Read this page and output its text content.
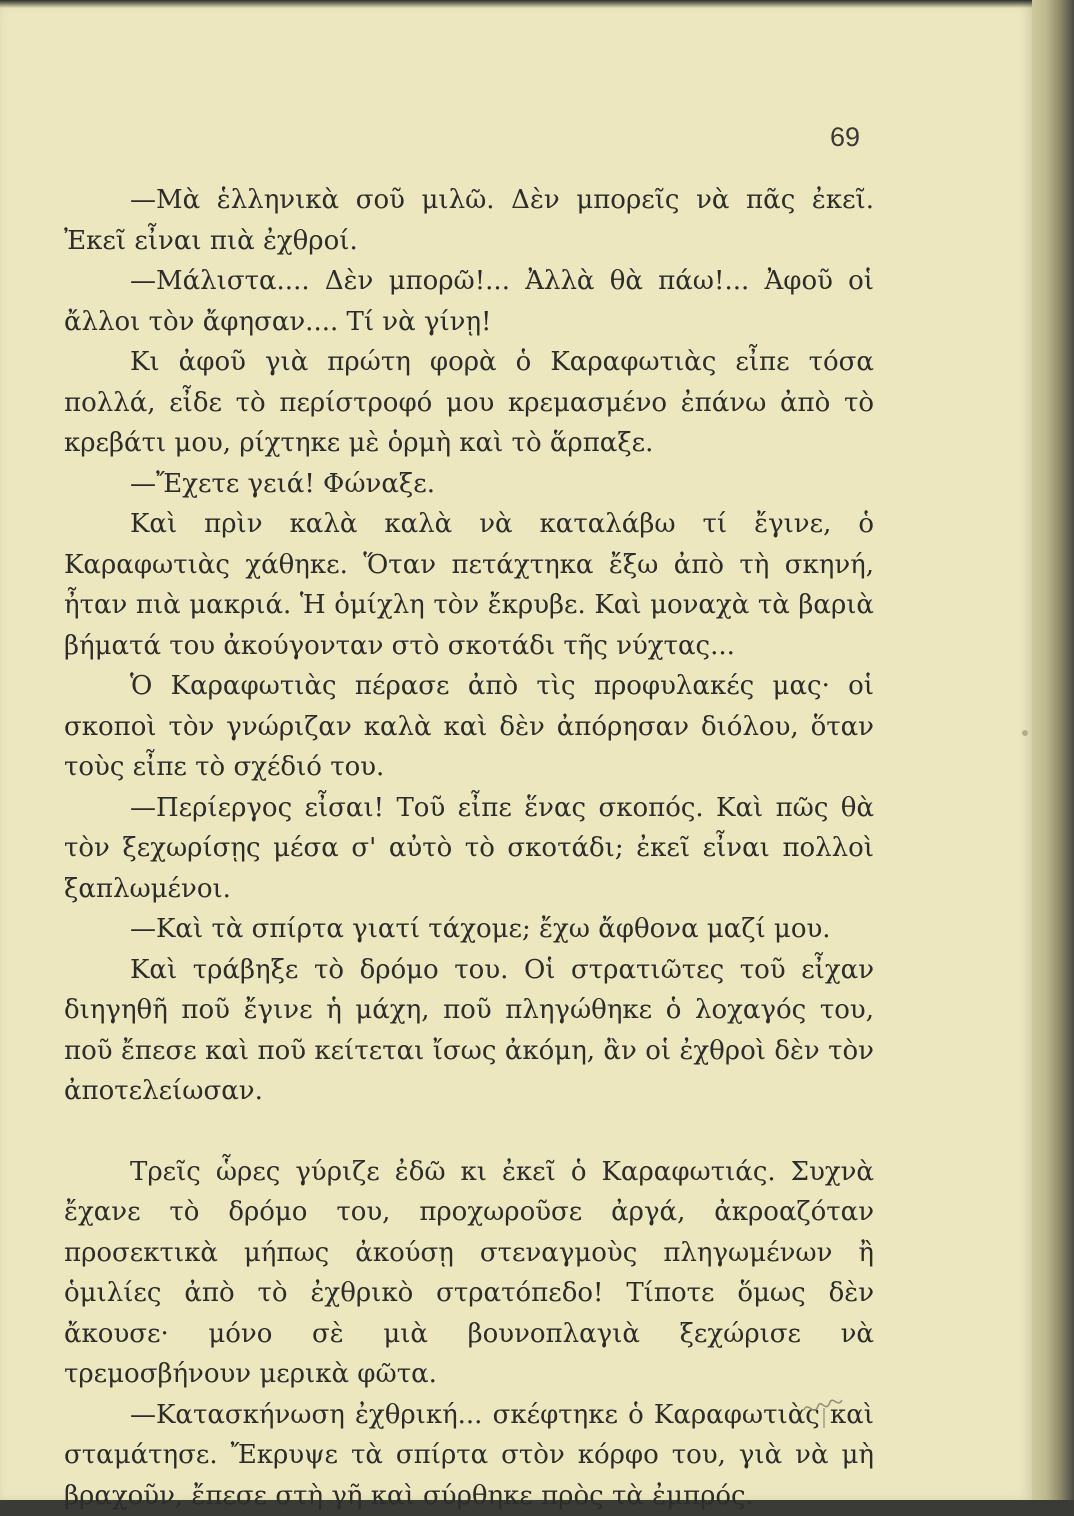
69

—Μὰ ἑλληνικὰ σοῦ μιλῶ. Δὲν μπορεῖς νὰ πᾶς ἐκεῖ. Ἐκεῖ εἶναι πιὰ ἐχθροί.

—Μάλιστα.... Δὲν μπορῶ!... Ἀλλὰ θὰ πάω!... Ἀφοῦ οἱ ἄλλοι τὸν ἄφησαν.... Τί νὰ γίνῃ!

Κι ἀφοῦ γιὰ πρώτη φορὰ ὁ Καραφωτιὰς εἶπε τόσα πολλά, εἶδε τὸ περίστροφό μου κρεμασμένο ἐπάνω ἀπὸ τὸ κρεβάτι μου, ρίχτηκε μὲ ὁρμὴ καὶ τὸ ἅρπαξε.

—Ἔχετε γειά! Φώναξε.

Καὶ πρὶν καλὰ καλὰ νὰ καταλάβω τί ἔγινε, ὁ Καραφωτιὰς χάθηκε. Ὅταν πετάχτηκα ἔξω ἀπὸ τὴ σκηνή, ἦταν πιὰ μακριά. Ἡ ὁμίχλη τὸν ἔκρυβε. Καὶ μοναχὰ τὰ βαριὰ βήματά του ἀκούγονταν στὸ σκοτάδι τῆς νύχτας...

Ὁ Καραφωτιὰς πέρασε ἀπὸ τὶς προφυλακές μας· οἱ σκοποὶ τὸν γνώριζαν καλὰ καὶ δὲν ἀπόρησαν διόλου, ὅταν τοὺς εἶπε τὸ σχέδιό του.

—Περίεργος εἶσαι! Τοῦ εἶπε ἕνας σκοπός. Καὶ πῶς θὰ τὸν ξεχωρίσῃς μέσα σ' αὐτὸ τὸ σκοτάδι; ἐκεῖ εἶναι πολλοὶ ξαπλωμένοι.

—Καὶ τὰ σπίρτα γιατί τάχομε; ἔχω ἄφθονα μαζί μου.

Καὶ τράβηξε τὸ δρόμο του. Οἱ στρατιῶτες τοῦ εἶχαν διηγηθῆ ποῦ ἔγινε ἡ μάχη, ποῦ πληγώθηκε ὁ λοχαγός του, ποῦ ἔπεσε καὶ ποῦ κείτεται ἴσως ἀκόμη, ἂν οἱ ἐχθροὶ δὲν τὸν ἀποτελείωσαν.

Τρεῖς ὧρες γύριζε ἐδῶ κι ἐκεῖ ὁ Καραφωτιάς. Συχνὰ ἔχανε τὸ δρόμο του, προχωροῦσε ἀργά, ἀκροαζόταν προσεκτικὰ μήπως ἀκούσῃ στεναγμοὺς πληγωμένων ἢ ὁμιλίες ἀπὸ τὸ ἐχθρικὸ στρατόπεδο! Τίποτε ὅμως δὲν ἄκουσε· μόνο σὲ μιὰ βουνοπλαγιὰ ξεχώρισε νὰ τρεμοσβήνουν μερικὰ φῶτα.

—Κατασκήνωση ἐχθρική... σκέφτηκε ὁ Καραφωτιὰς καὶ σταμάτησε. Ἔκρυψε τὰ σπίρτα στὸν κόρφο του, γιὰ νὰ μὴ βραχοῦν, ἔπεσε στὴ γῆ καὶ σύρθηκε πρὸς τὰ ἐμπρός.
